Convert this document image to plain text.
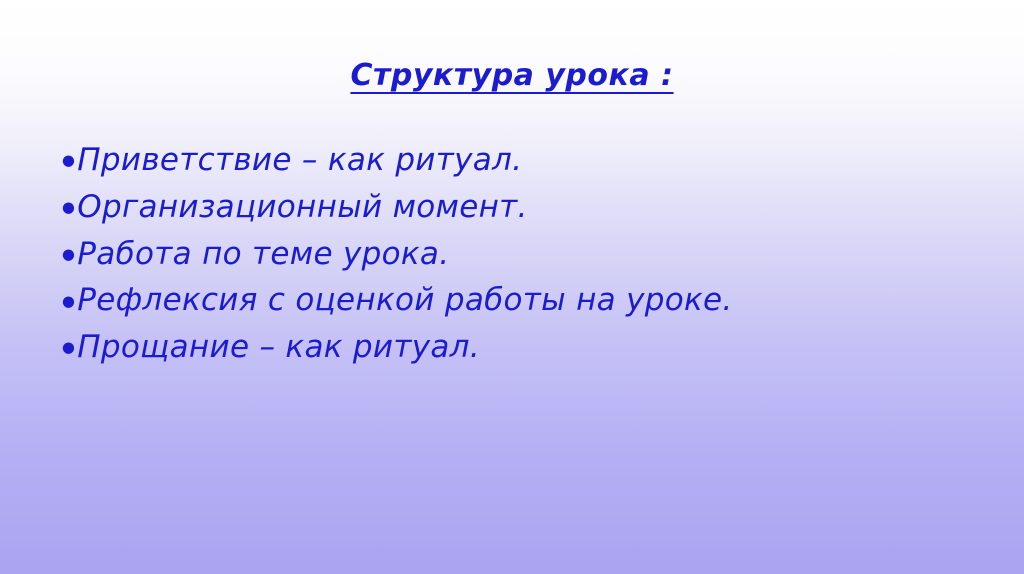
Структура урока :
●Приветствие – как ритуал.
●Организационный момент.
●Работа по теме урока.
●Рефлексия с оценкой работы на уроке.
●Прощание – как ритуал.
